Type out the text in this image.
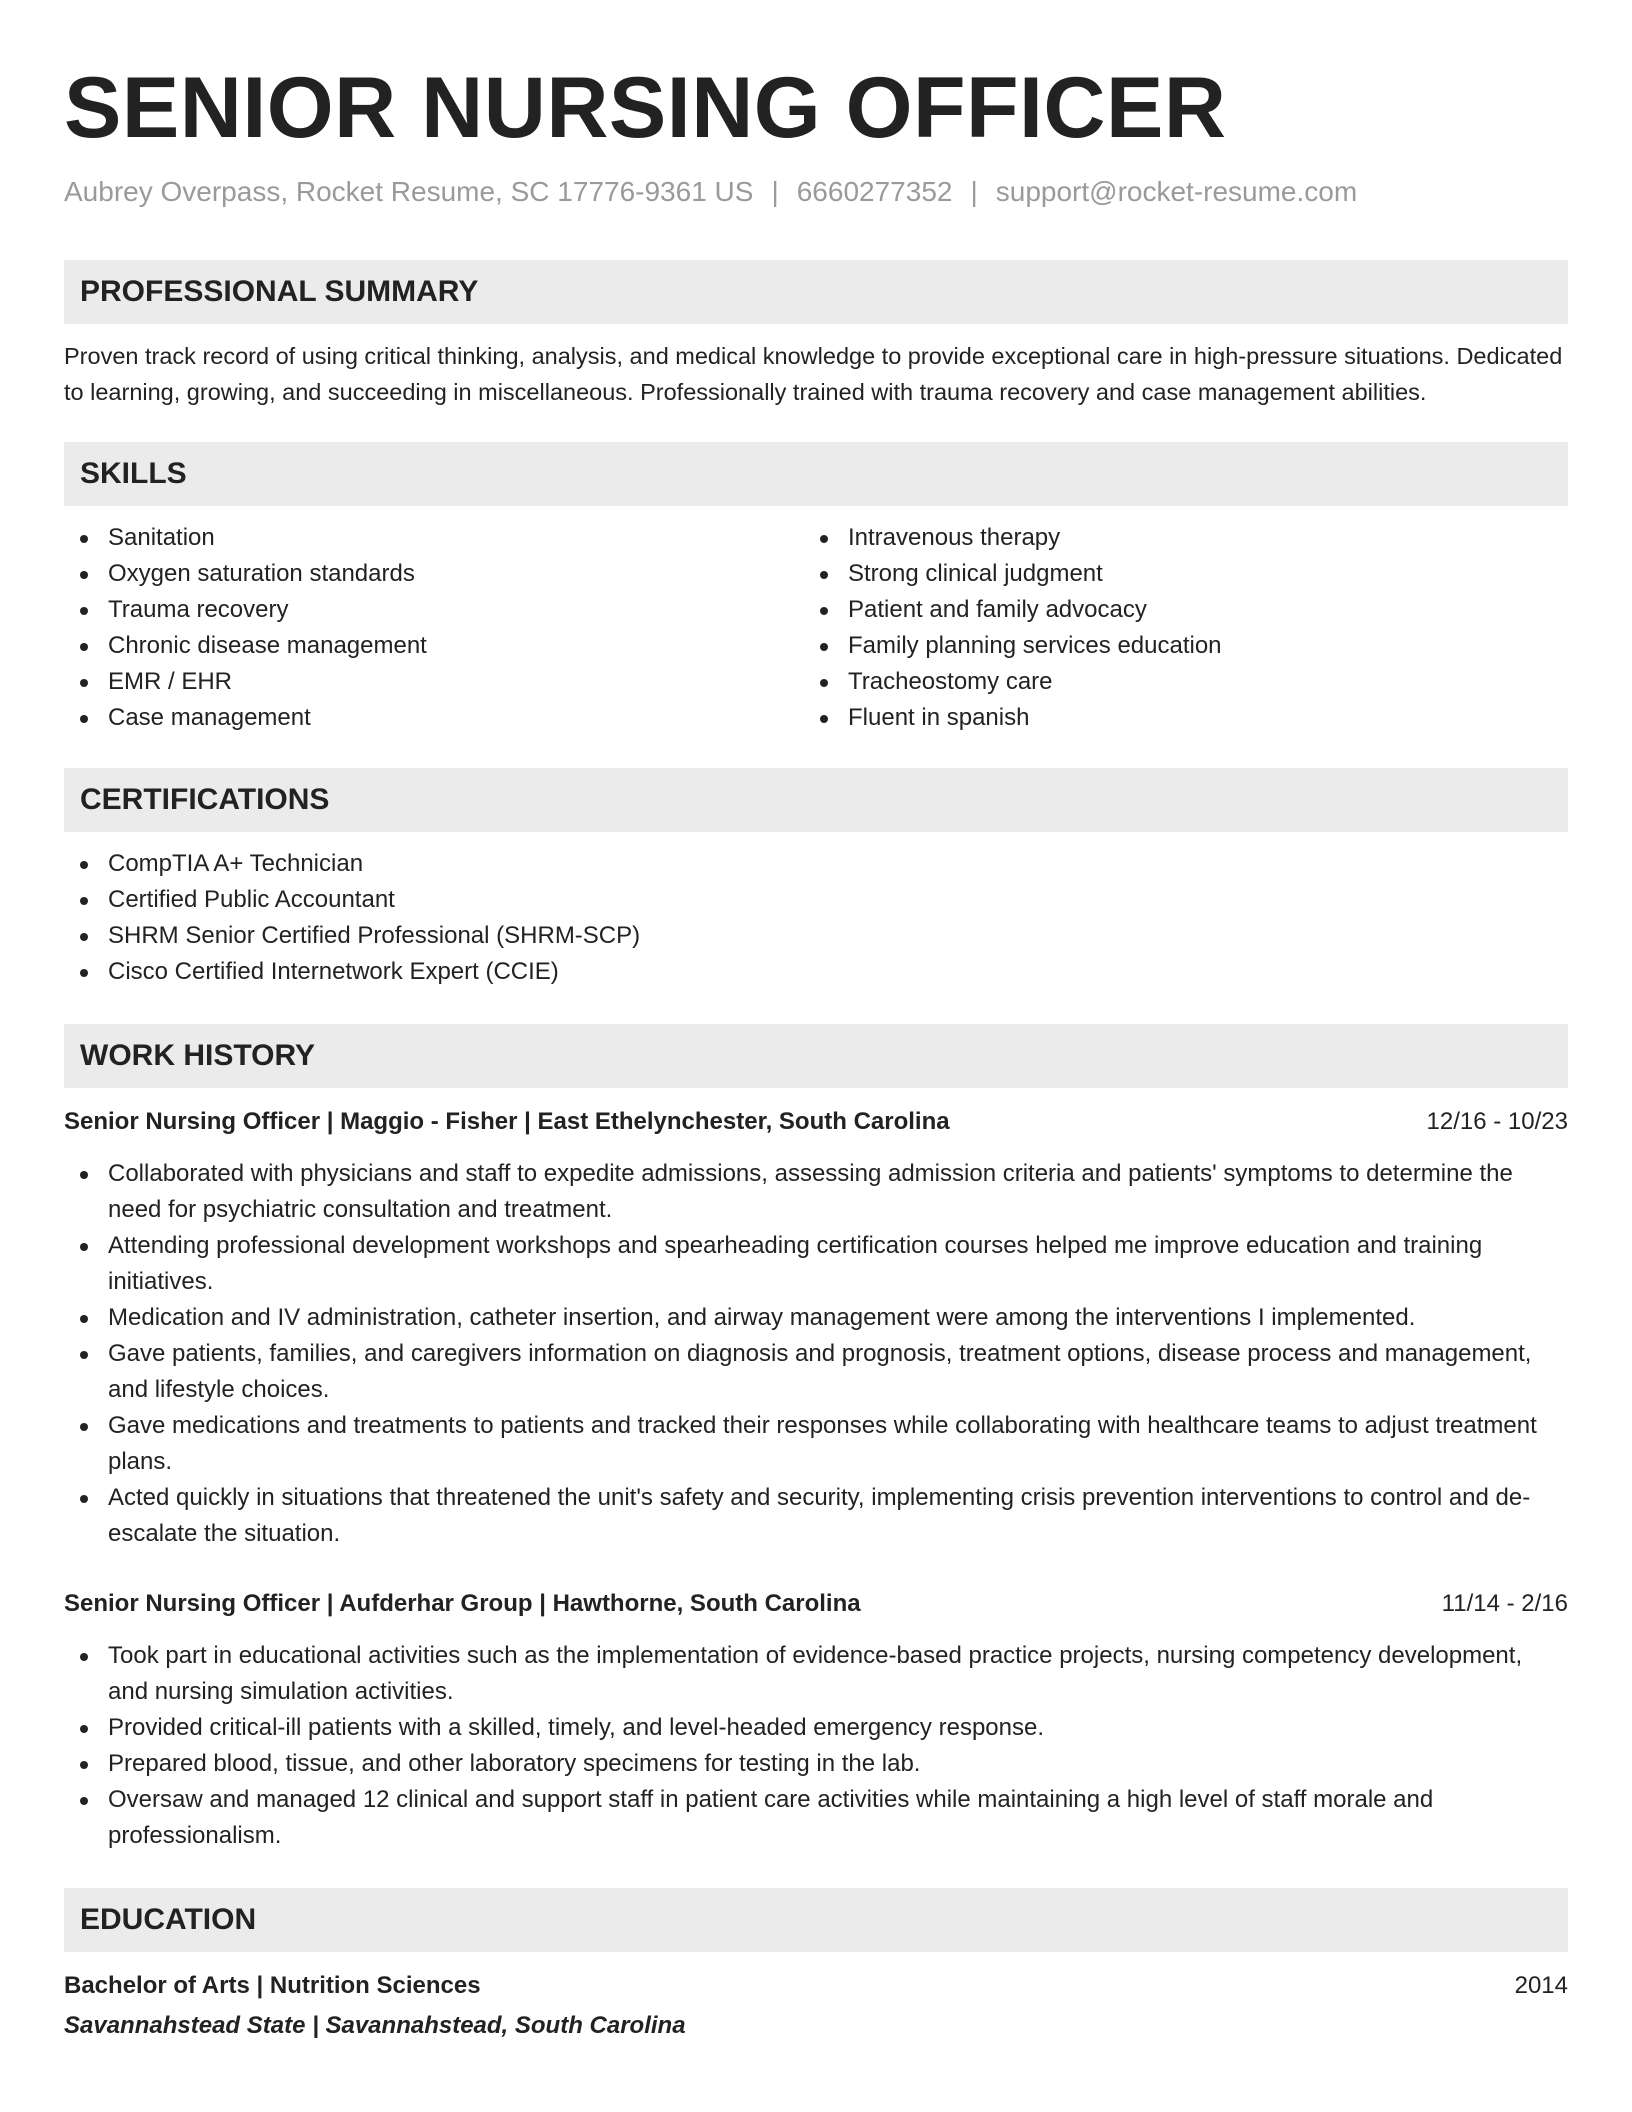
SENIOR NURSING OFFICER
Aubrey Overpass, Rocket Resume, SC 17776-9361 US | 6660277352 | support@rocket-resume.com
PROFESSIONAL SUMMARY

Proven track record of using critical thinking, analysis, and medical knowledge to provide exceptional care in high-pressure situations. Dedicated to learning, growing, and succeeding in miscellaneous. Professionally trained with trauma recovery and case management abilities.

SKILLS
Sanitation
Oxygen saturation standards
Trauma recovery
Chronic disease management
EMR / EHR
Case management
Intravenous therapy
Strong clinical judgment
Patient and family advocacy
Family planning services education
Tracheostomy care
Fluent in spanish
CERTIFICATIONS
CompTIA A+ Technician
Certified Public Accountant
SHRM Senior Certified Professional (SHRM-SCP)
Cisco Certified Internetwork Expert (CCIE)
WORK HISTORY
Senior Nursing Officer | Maggio - Fisher | East Ethelynchester, South Carolina	12/16 - 10/23
Collaborated with physicians and staff to expedite admissions, assessing admission criteria and patients' symptoms to determine the need for psychiatric consultation and treatment.
Attending professional development workshops and spearheading certification courses helped me improve education and training initiatives.
Medication and IV administration, catheter insertion, and airway management were among the interventions I implemented.
Gave patients, families, and caregivers information on diagnosis and prognosis, treatment options, disease process and management, and lifestyle choices.
Gave medications and treatments to patients and tracked their responses while collaborating with healthcare teams to adjust treatment plans.
Acted quickly in situations that threatened the unit's safety and security, implementing crisis prevention interventions to control and de-escalate the situation.
Senior Nursing Officer | Aufderhar Group | Hawthorne, South Carolina	11/14 - 2/16
Took part in educational activities such as the implementation of evidence-based practice projects, nursing competency development, and nursing simulation activities.
Provided critical-ill patients with a skilled, timely, and level-headed emergency response.
Prepared blood, tissue, and other laboratory specimens for testing in the lab.
Oversaw and managed 12 clinical and support staff in patient care activities while maintaining a high level of staff morale and professionalism.
EDUCATION
Bachelor of Arts | Nutrition Sciences	2014
Savannahstead State | Savannahstead, South Carolina
